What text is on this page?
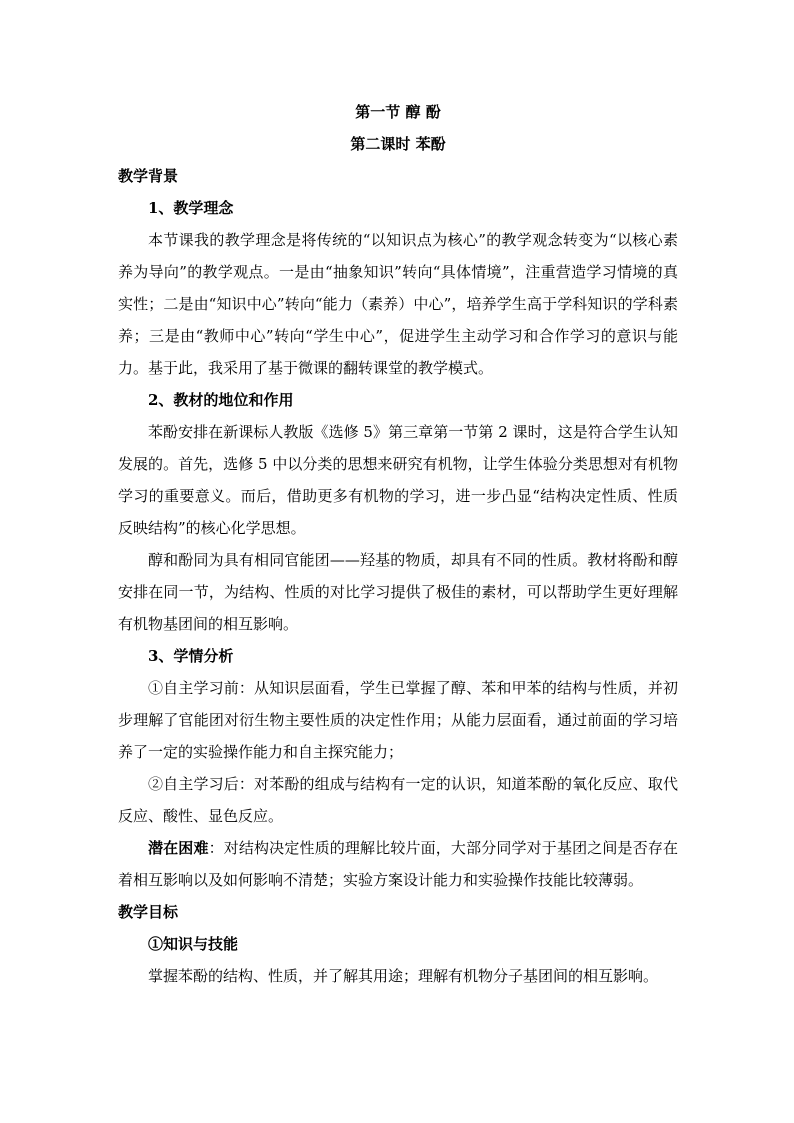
第一节 醇 酚
第二课时 苯酚
教学背景
1、教学理念

本节课我的教学理念是将传统的“以知识点为核心”的教学观念转变为“以核心素养为导向”的教学观点。一是由“抽象知识”转向“具体情境”，注重营造学习情境的真实性；二是由“知识中心”转向“能力（素养）中心”，培养学生高于学科知识的学科素养；三是由“教师中心”转向“学生中心”，促进学生主动学习和合作学习的意识与能力。基于此，我采用了基于微课的翻转课堂的教学模式。

2、教材的地位和作用

苯酚安排在新课标人教版《选修 5》第三章第一节第 2 课时，这是符合学生认知发展的。首先，选修 5 中以分类的思想来研究有机物，让学生体验分类思想对有机物学习的重要意义。而后，借助更多有机物的学习，进一步凸显“结构决定性质、性质反映结构”的核心化学思想。

醇和酚同为具有相同官能团——羟基的物质，却具有不同的性质。教材将酚和醇安排在同一节，为结构、性质的对比学习提供了极佳的素材，可以帮助学生更好理解有机物基团间的相互影响。

3、学情分析

①自主学习前：从知识层面看，学生已掌握了醇、苯和甲苯的结构与性质，并初步理解了官能团对衍生物主要性质的决定性作用；从能力层面看，通过前面的学习培养了一定的实验操作能力和自主探究能力；

②自主学习后：对苯酚的组成与结构有一定的认识，知道苯酚的氧化反应、取代反应、酸性、显色反应。

潜在困难：对结构决定性质的理解比较片面，大部分同学对于基团之间是否存在着相互影响以及如何影响不清楚；实验方案设计能力和实验操作技能比较薄弱。

教学目标
①知识与技能

掌握苯酚的结构、性质，并了解其用途；理解有机物分子基团间的相互影响。
